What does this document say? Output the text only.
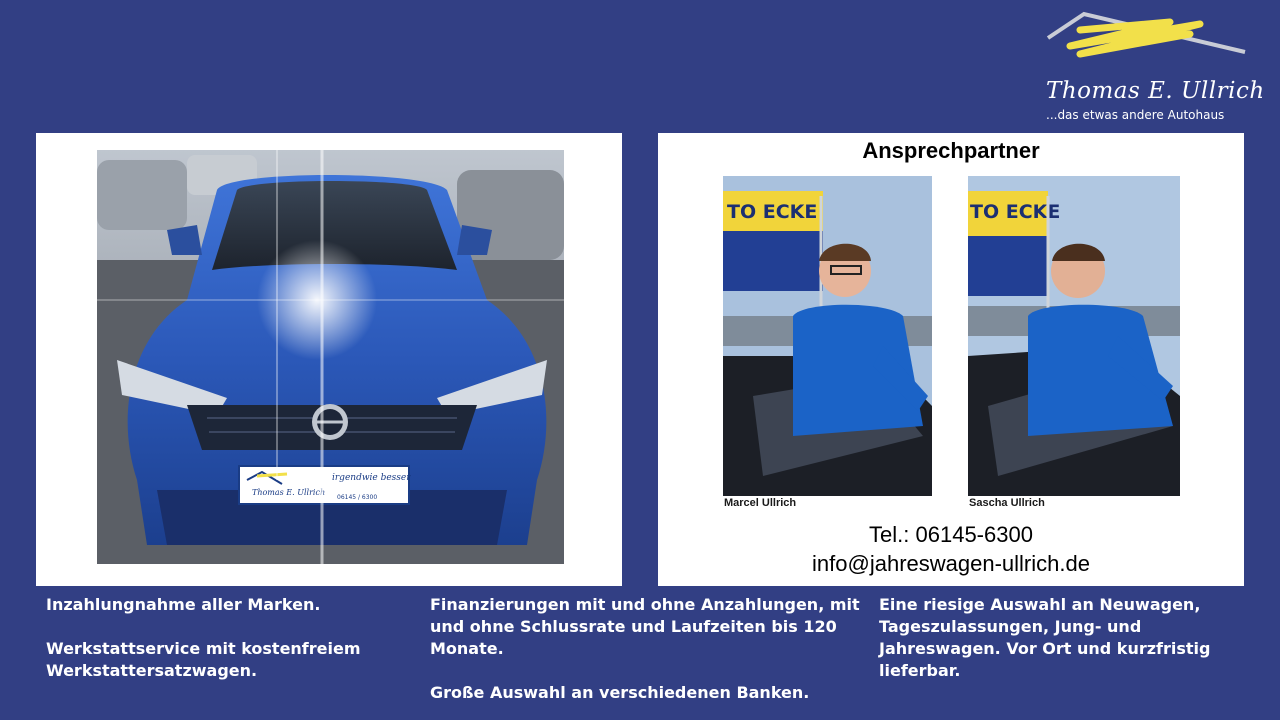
Thomas E. Ullrich
...das etwas andere Autohaus
Thomas E. Ullrich
irgendwie besser
06145 / 6300
Ansprechpartner
TO ECKE
Marcel Ullrich
TO ECKE
Sascha Ullrich
Tel.: 06145-6300
info@jahreswagen-ullrich.de

Inzahlungnahme aller Marken.

Werkstattservice mit kostenfreiem Werkstattersatzwagen.

Finanzierungen mit und ohne Anzahlungen, mit und ohne Schlussrate und Laufzeiten bis 120 Monate.

Große Auswahl an verschiedenen Banken.

Eine riesige Auswahl an Neuwagen, Tageszulassungen, Jung- und Jahreswagen. Vor Ort und kurzfristig lieferbar.
